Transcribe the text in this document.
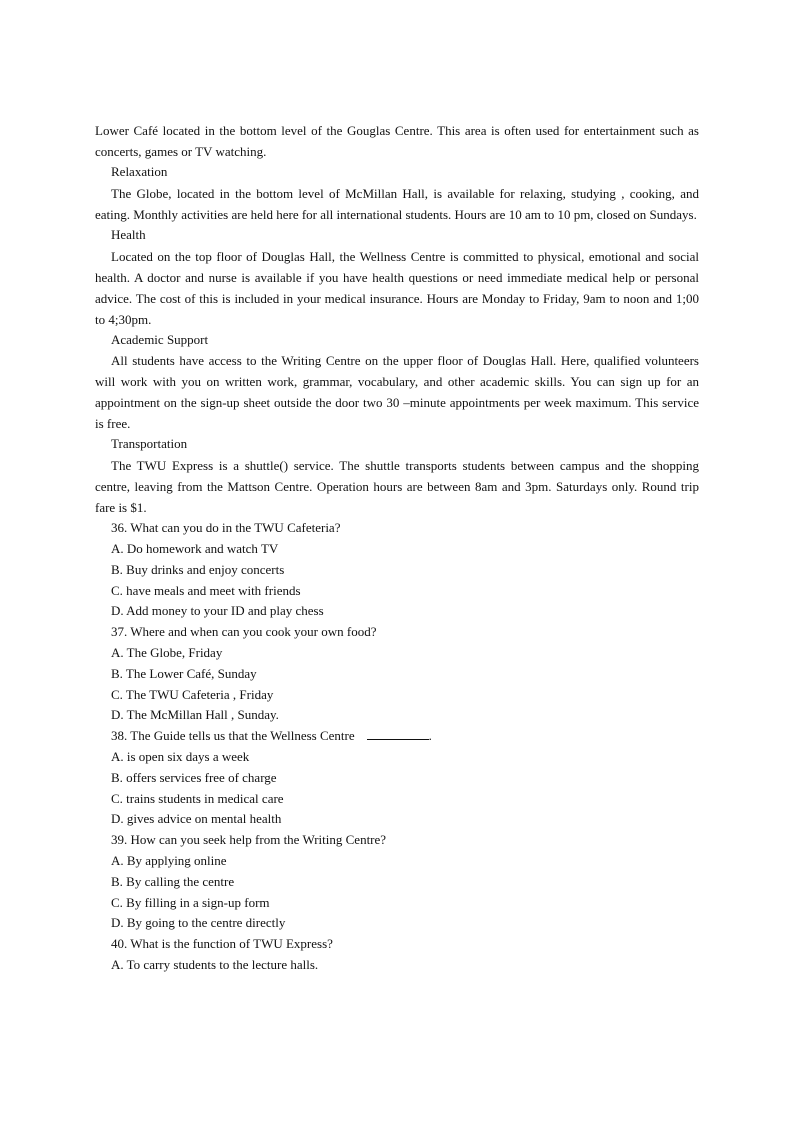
Lower Café located in the bottom level of the Gouglas Centre. This area is often used for entertainment such as concerts, games or TV watching.

Relaxation

The Globe, located in the bottom level of McMillan Hall, is available for relaxing, studying , cooking, and eating. Monthly activities are held here for all international students. Hours are 10 am to 10 pm, closed on Sundays.

Health

Located on the top floor of Douglas Hall, the Wellness Centre is committed to physical, emotional and social health. A doctor and nurse is available if you have health questions or need immediate medical help or personal advice. The cost of this is included in your medical insurance. Hours are Monday to Friday, 9am to noon and 1;00 to 4;30pm.

Academic Support

All students have access to the Writing Centre on the upper floor of Douglas Hall. Here, qualified volunteers will work with you on written work, grammar, vocabulary, and other academic skills. You can sign up for an appointment on the sign-up sheet outside the door two 30 –minute appointments per week maximum. This service is free.

Transportation

The TWU Express is a shuttle() service. The shuttle transports students between campus and the shopping centre, leaving from the Mattson Centre. Operation hours are between 8am and 3pm. Saturdays only. Round trip fare is $1.

36. What can you do in the TWU Cafeteria?

A. Do homework and watch TV

B. Buy drinks and enjoy concerts

C. have meals and meet with friends

D. Add money to your ID and play chess

37. Where and when can you cook your own food?

A. The Globe, Friday

B. The Lower Café, Sunday

C. The TWU Cafeteria , Friday

D. The McMillan Hall , Sunday.

38. The Guide tells us that the Wellness Centre	.

A. is open six days a week

B. offers services free of charge

C. trains students in medical care

D. gives advice on mental health

39. How can you seek help from the Writing Centre?

A. By applying online

B. By calling the centre

C. By filling in a sign-up form

D. By going to the centre directly

40. What is the function of TWU Express?

A. To carry students to the lecture halls.
